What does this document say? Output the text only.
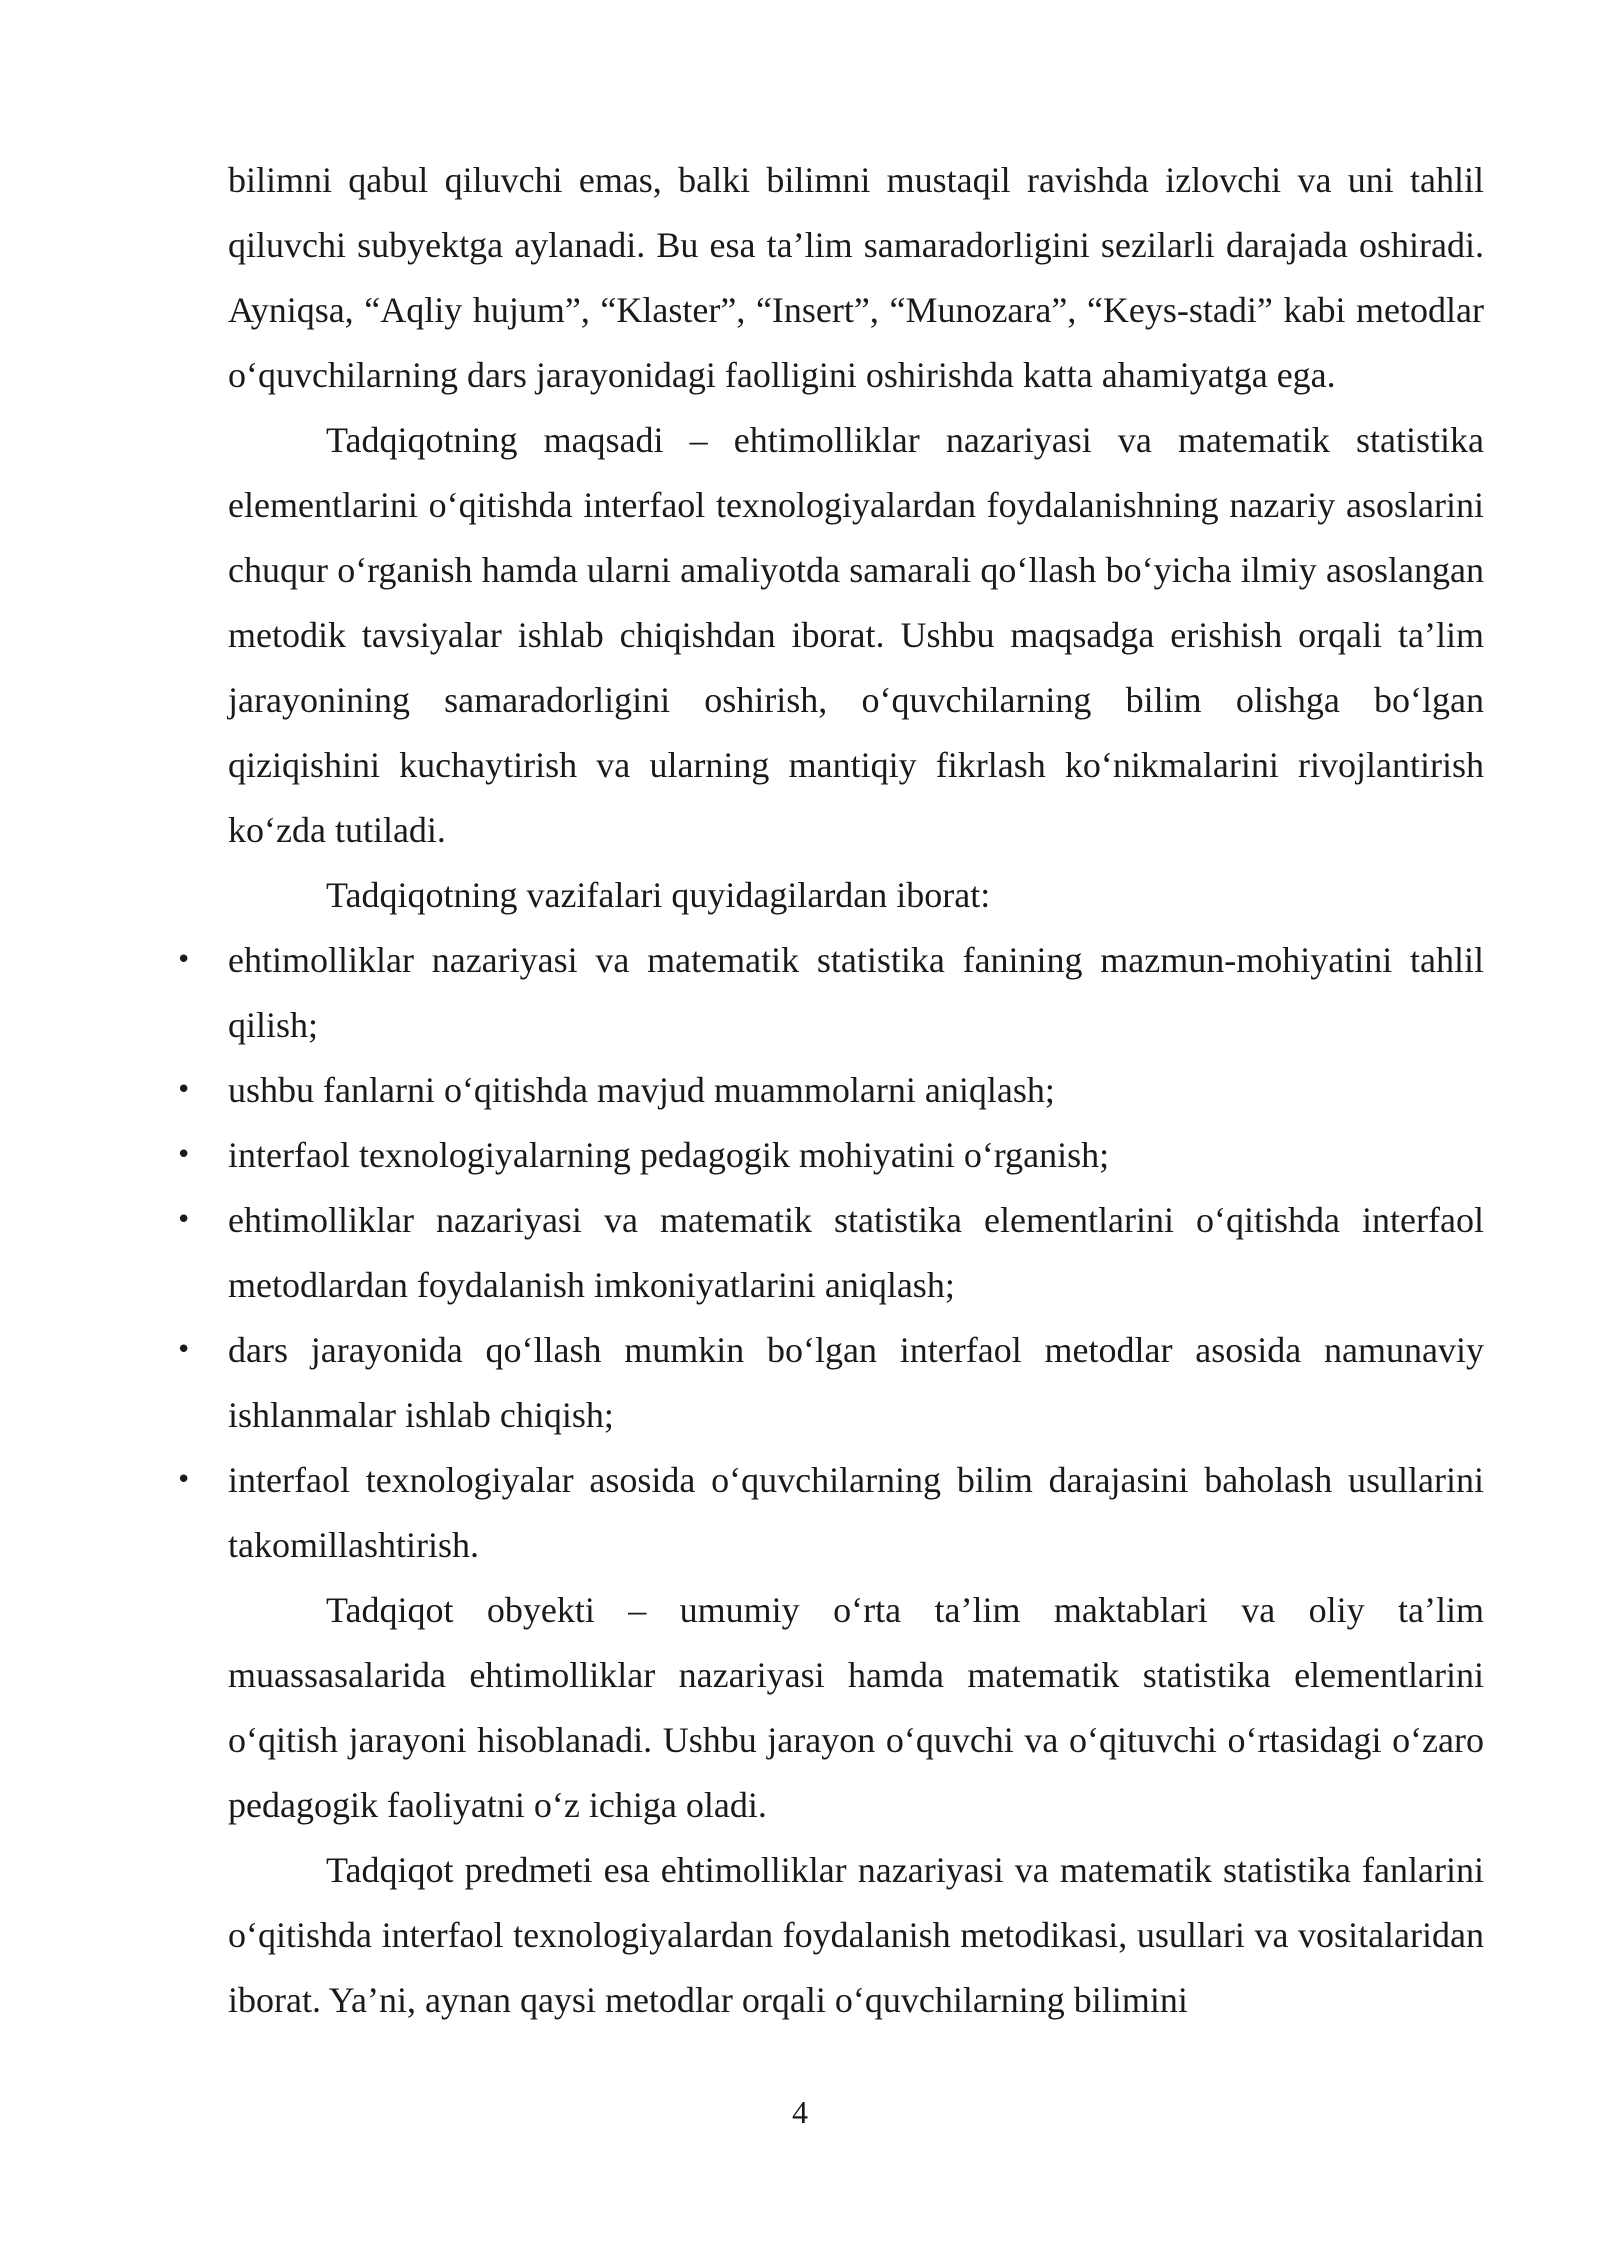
bilimni qabul qiluvchi emas, balki bilimni mustaqil ravishda izlovchi va uni tahlil qiluvchi subyektga aylanadi. Bu esa ta’lim samaradorligini sezilarli darajada oshiradi. Ayniqsa, “Aqliy hujum”, “Klaster”, “Insert”, “Munozara”, “Keys-stadi” kabi metodlar o‘quvchilarning dars jarayonidagi faolligini oshirishda katta ahamiyatga ega.

Tadqiqotning maqsadi – ehtimolliklar nazariyasi va matematik statistika elementlarini o‘qitishda interfaol texnologiyalardan foydalanishning nazariy asoslarini chuqur o‘rganish hamda ularni amaliyotda samarali qo‘llash bo‘yicha ilmiy asoslangan metodik tavsiyalar ishlab chiqishdan iborat. Ushbu maqsadga erishish orqali ta’lim jarayonining samaradorligini oshirish, o‘quvchilarning bilim olishga bo‘lgan qiziqishini kuchaytirish va ularning mantiqiy fikrlash ko‘nikmalarini rivojlantirish ko‘zda tutiladi.

Tadqiqotning vazifalari quyidagilardan iborat:

• ehtimolliklar nazariyasi va matematik statistika fanining mazmun-mohiyatini tahlil qilish;
• ushbu fanlarni o‘qitishda mavjud muammolarni aniqlash;
• interfaol texnologiyalarning pedagogik mohiyatini o‘rganish;
• ehtimolliklar nazariyasi va matematik statistika elementlarini o‘qitishda interfaol metodlardan foydalanish imkoniyatlarini aniqlash;
• dars jarayonida qo‘llash mumkin bo‘lgan interfaol metodlar asosida namunaviy ishlanmalar ishlab chiqish;
• interfaol texnologiyalar asosida o‘quvchilarning bilim darajasini baholash usullarini takomillashtirish.

Tadqiqot obyekti – umumiy o‘rta ta’lim maktablari va oliy ta’lim muassasalarida ehtimolliklar nazariyasi hamda matematik statistika elementlarini o‘qitish jarayoni hisoblanadi. Ushbu jarayon o‘quvchi va o‘qituvchi o‘rtasidagi o‘zaro pedagogik faoliyatni o‘z ichiga oladi.

Tadqiqot predmeti esa ehtimolliklar nazariyasi va matematik statistika fanlarini o‘qitishda interfaol texnologiyalardan foydalanish metodikasi, usullari va vositalaridan iborat. Ya’ni, aynan qaysi metodlar orqali o‘quvchilarning bilimini

4
